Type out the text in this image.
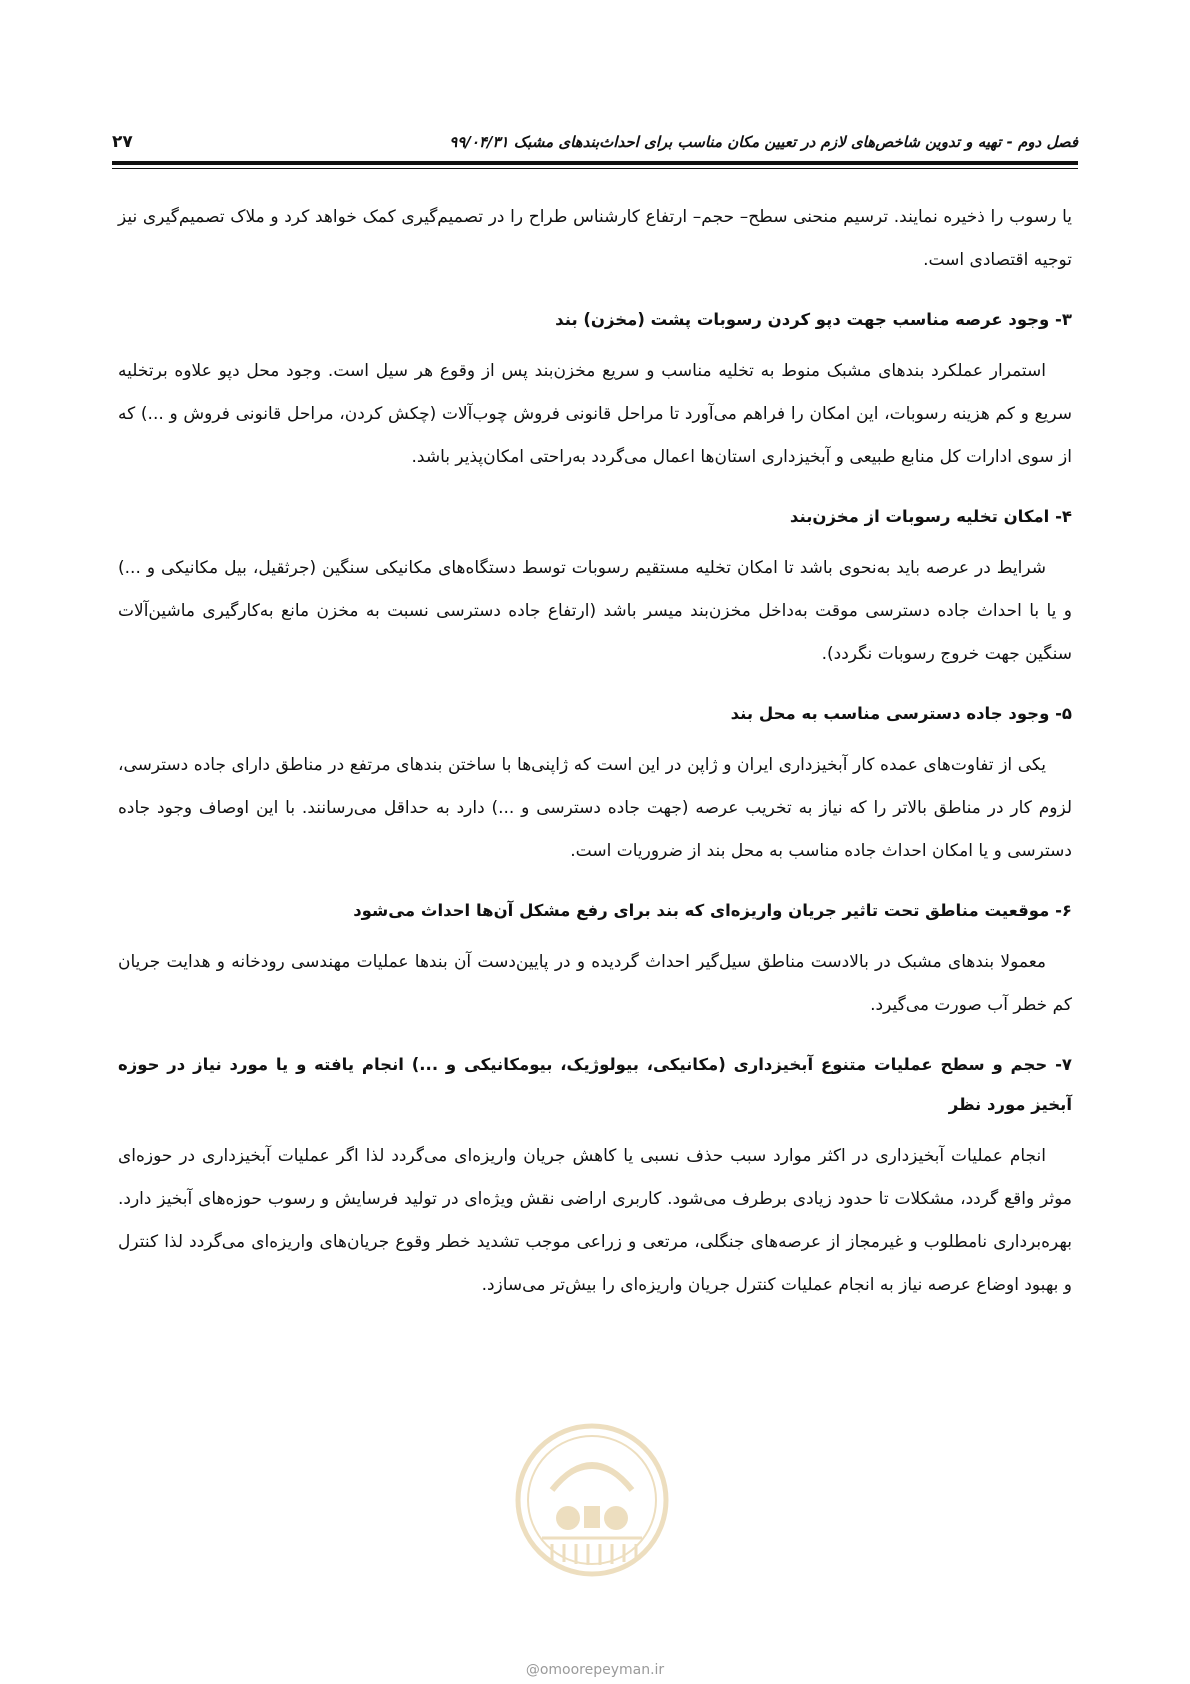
فصل دوم - تهیه و تدوین شاخص‌های لازم در تعیین مکان مناسب برای احداث‌بندهای مشبک ۹۹/۰۴/۳۱
۲۷

یا رسوب را ذخیره نمایند. ترسیم منحنی سطح– حجم– ارتفاع کارشناس طراح را در تصمیم‌گیری کمک خواهد کرد و ملاک تصمیم‌گیری نیز توجیه اقتصادی است.

۳- وجود عرصه مناسب جهت دپو کردن رسوبات پشت (مخزن) بند

استمرار عملکرد بندهای مشبک منوط به تخلیه مناسب و سریع مخزن‌بند پس از وقوع هر سیل است. وجود محل دپو علاوه برتخلیه سریع و کم هزینه رسوبات، این امکان را فراهم می‌آورد تا مراحل قانونی فروش چوب‌آلات (چکش کردن، مراحل قانونی فروش و ...) که از سوی ادارات کل منابع طبیعی و آبخیزداری استان‌ها اعمال می‌گردد به‌راحتی امکان‌پذیر باشد.

۴- امکان تخلیه رسوبات از مخزن‌بند

شرایط در عرصه باید به‌نحوی باشد تا امکان تخلیه مستقیم رسوبات توسط دستگاه‌های مکانیکی سنگین (جرثقیل، بیل مکانیکی و ...) و یا با احداث جاده دسترسی موقت به‌داخل مخزن‌بند میسر باشد (ارتفاع جاده دسترسی نسبت به مخزن مانع به‌کارگیری ماشین‌آلات سنگین جهت خروج رسوبات نگردد).

۵- وجود جاده دسترسی مناسب به محل بند

یکی از تفاوت‌های عمده کار آبخیزداری ایران و ژاپن در این است که ژاپنی‌ها با ساختن بندهای مرتفع در مناطق دارای جاده دسترسی، لزوم کار در مناطق بالاتر را که نیاز به تخریب عرصه (جهت جاده دسترسی و ...) دارد به حداقل می‌رسانند. با این اوصاف وجود جاده دسترسی و یا امکان احداث جاده مناسب به محل بند از ضروریات است.

۶- موقعیت مناطق تحت تاثیر جریان واریزه‌ای که بند برای رفع مشکل آن‌ها احداث می‌شود

معمولا بندهای مشبک در بالادست مناطق سیل‌گیر احداث گردیده و در پایین‌دست آن بندها عملیات مهندسی رودخانه و هدایت جریان کم خطر آب صورت می‌گیرد.

۷- حجم و سطح عملیات متنوع آبخیزداری (مکانیکی، بیولوژیک، بیومکانیکی و ...) انجام یافته و یا مورد نیاز در حوزه آبخیز مورد نظر

انجام عملیات آبخیزداری در اکثر موارد سبب حذف نسبی یا کاهش جریان واریزه‌ای می‌گردد لذا اگر عملیات آبخیزداری در حوزه‌ای موثر واقع گردد، مشکلات تا حدود زیادی برطرف می‌شود. کاربری اراضی نقش ویژه‌ای در تولید فرسایش و رسوب حوزه‌های آبخیز دارد. بهره‌برداری نامطلوب و غیرمجاز از عرصه‌های جنگلی، مرتعی و زراعی موجب تشدید خطر وقوع جریان‌های واریزه‌ای می‌گردد لذا کنترل و بهبود اوضاع عرصه نیاز به انجام عملیات کنترل جریان واریزه‌ای را بیش‌تر می‌سازد.

@omoorepeyman.ir
